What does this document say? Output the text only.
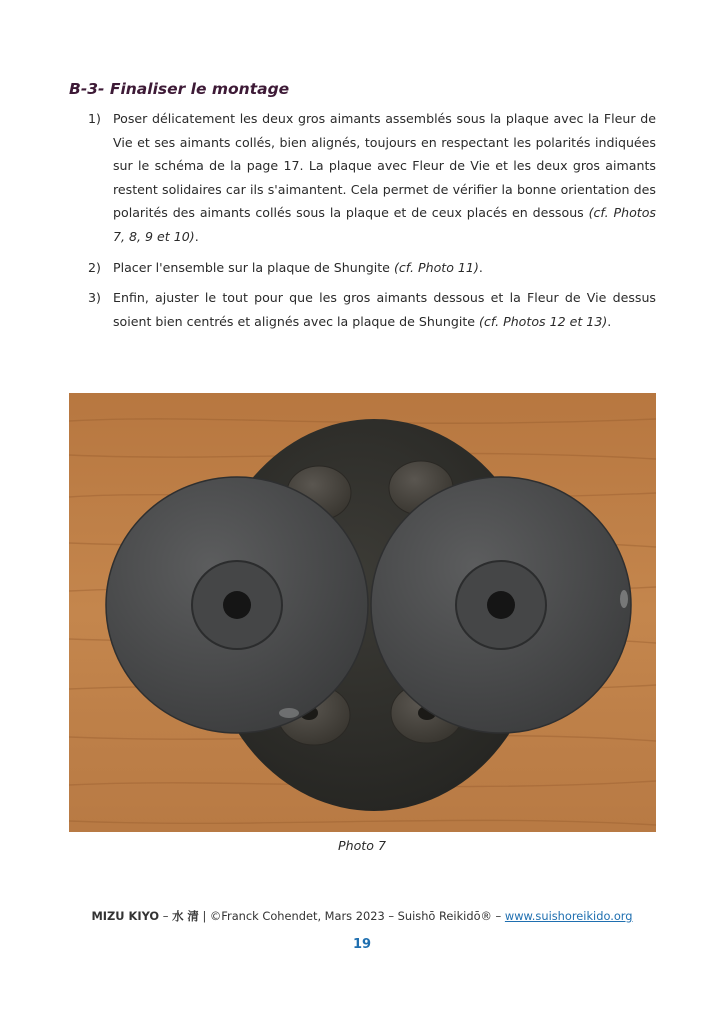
B-3- Finaliser le montage
1) Poser délicatement les deux gros aimants assemblés sous la plaque avec la Fleur de Vie et ses aimants collés, bien alignés, toujours en respectant les polarités indiquées sur le schéma de la page 17. La plaque avec Fleur de Vie et les deux gros aimants restent solidaires car ils s'aimantent. Cela permet de vérifier la bonne orientation des polarités des aimants collés sous la plaque et de ceux placés en dessous (cf. Photos 7, 8, 9 et 10).
2) Placer l'ensemble sur la plaque de Shungite (cf. Photo 11).
3) Enfin, ajuster le tout pour que les gros aimants dessous et la Fleur de Vie dessus soient bien centrés et alignés avec la plaque de Shungite (cf. Photos 12 et 13).

Photo 7

MIZU KIYO – 水 清 | ©Franck Cohendet, Mars 2023 – Suishō Reikidō® – www.suishoreikido.org
19
